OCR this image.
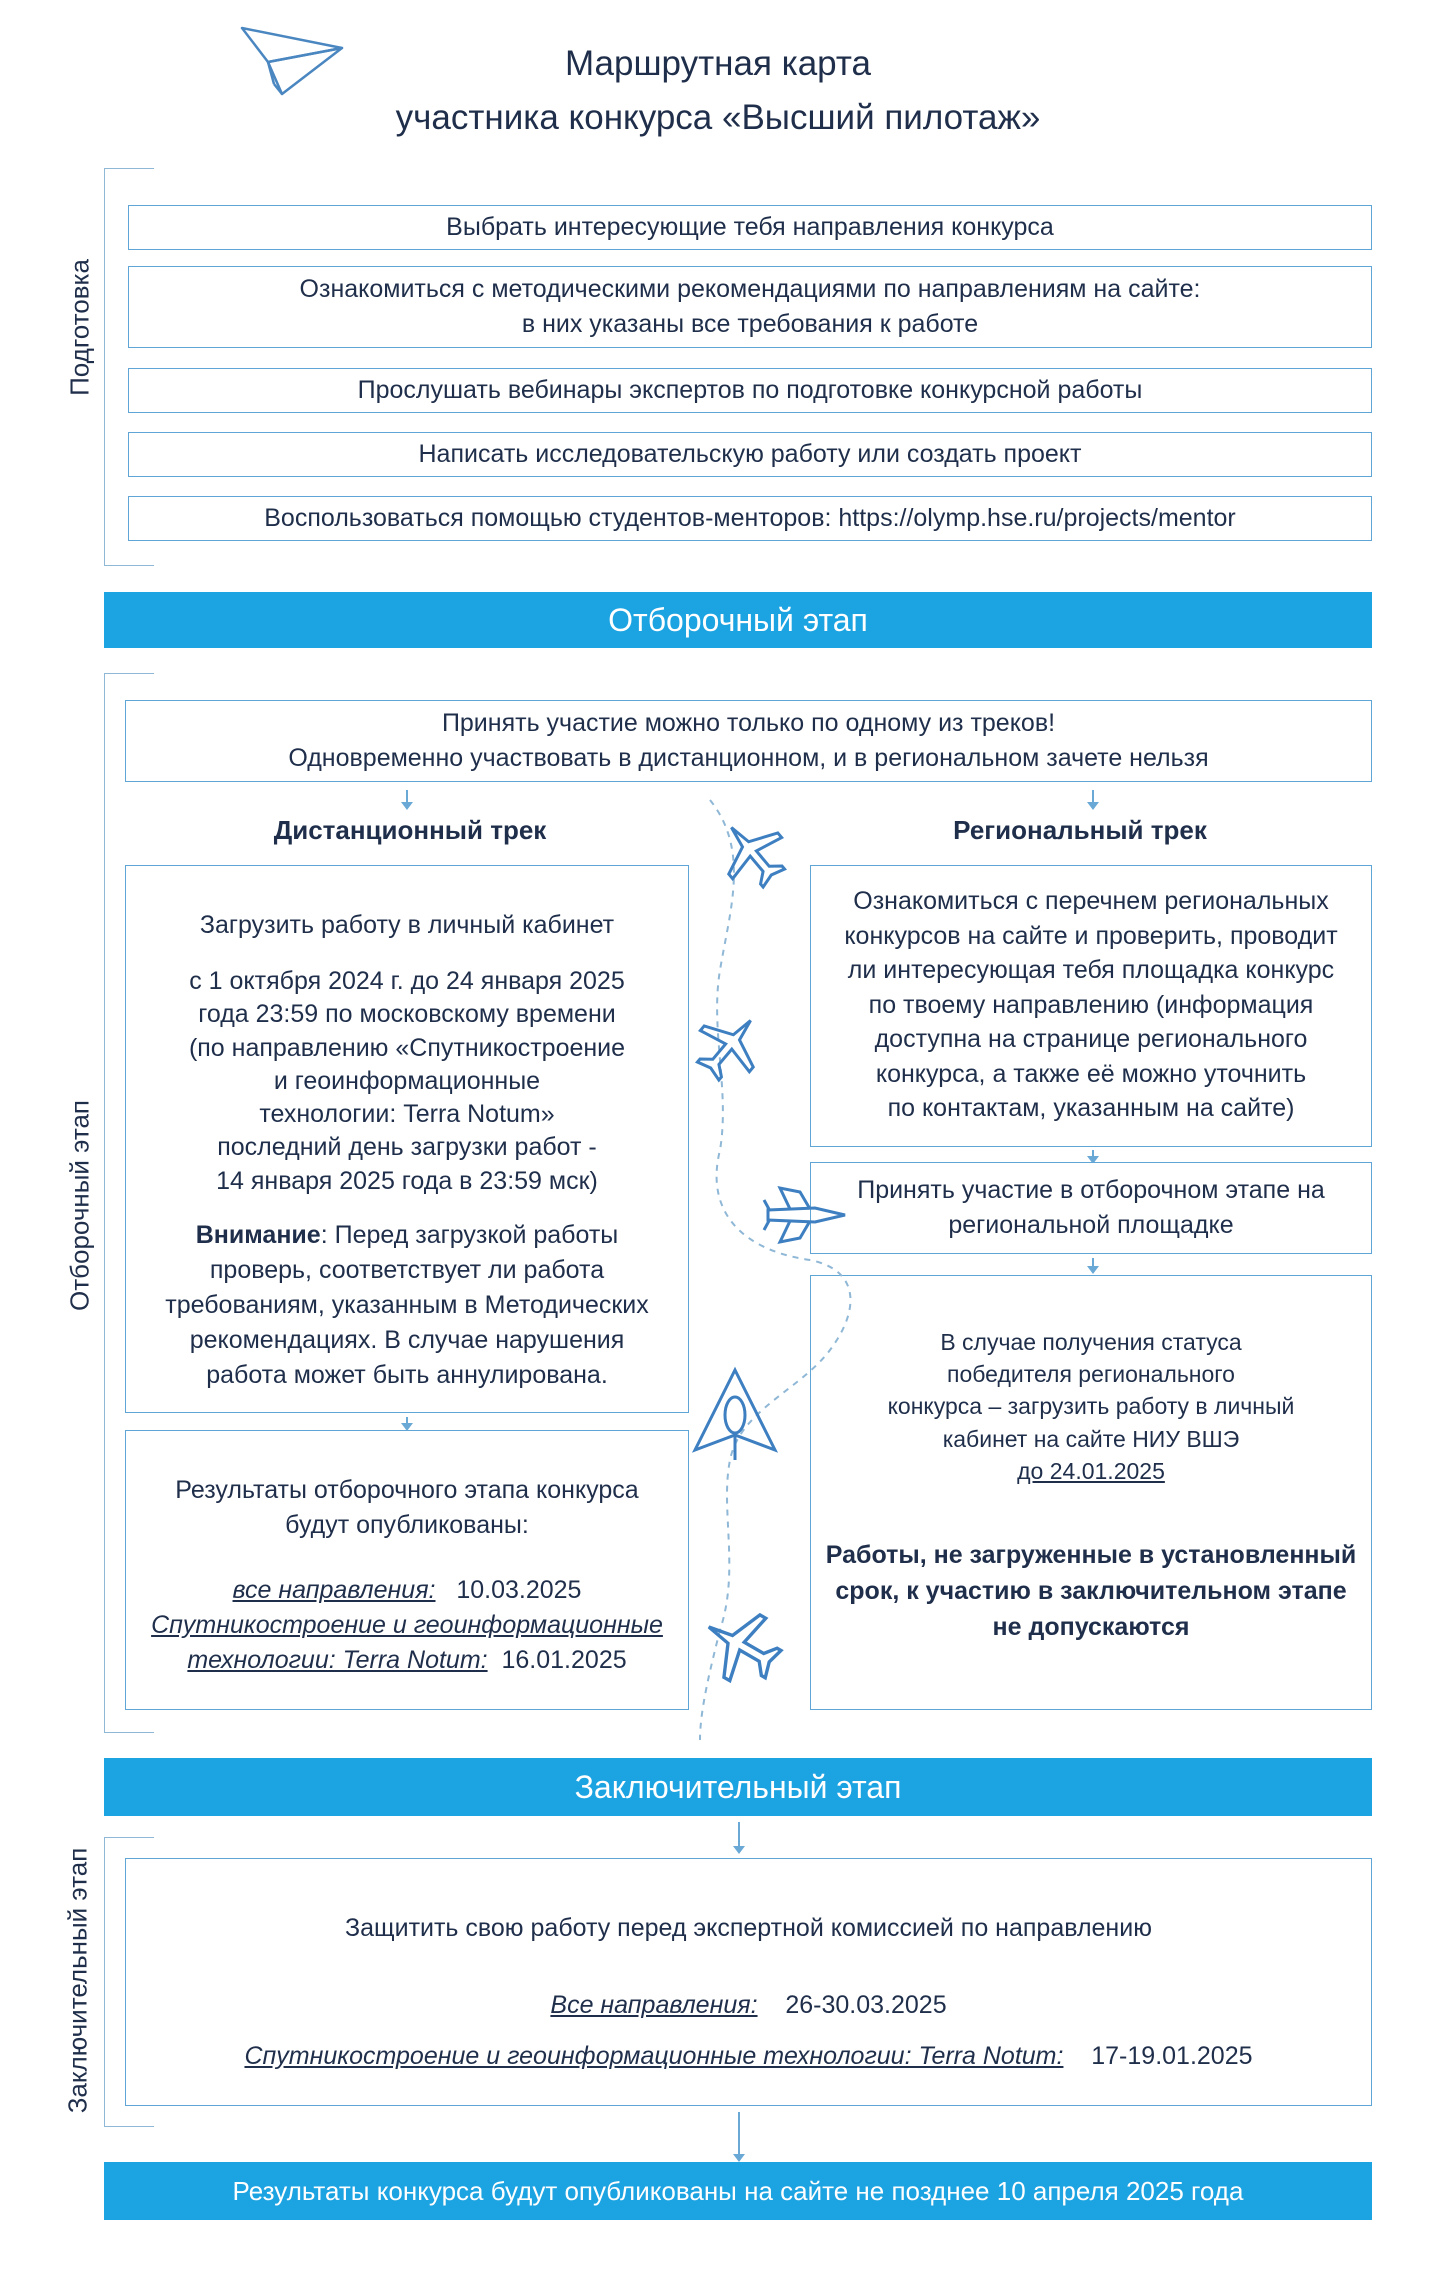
Маршрутная карта
участника конкурса «Высший пилотаж»
Подготовка
Выбрать интересующие тебя направления конкурса
Ознакомиться с методическими рекомендациями по направлениям на сайте:
в них указаны все требования к работе
Прослушать вебинары экспертов по подготовке конкурсной работы
Написать исследовательскую работу или создать проект
Воспользоваться помощью студентов-менторов: https://olymp.hse.ru/projects/mentor
Отборочный этап
Отборочный этап
Принять участие можно только по одному из треков!
Одновременно участвовать в дистанционном, и в региональном зачете нельзя
Дистанционный трек	Региональный трек
Загрузить работу в личный кабинет
с 1 октября 2024 г. до 24 января 2025
года 23:59 по московскому времени
(по направлению «Спутникостроение
и геоинформационные
технологии: Terra Notum»
последний день загрузки работ -
14 января 2025 года в 23:59 мск)
Внимание: Перед загрузкой работы
проверь, соответствует ли работа
требованиям, указанным в Методических
рекомендациях. В случае нарушения
работа может быть аннулирована.
Результаты отборочного этапа конкурса
будут опубликованы:
все направления: 10.03.2025
Спутникостроение и геоинформационные
технологии: Terra Notum: 16.01.2025
Ознакомиться с перечнем региональных
конкурсов на сайте и проверить, проводит
ли интересующая тебя площадка конкурс
по твоему направлению (информация
доступна на странице регионального
конкурса, а также её можно уточнить
по контактам, указанным на сайте)
Принять участие в отборочном этапе на
региональной площадке
В случае получения статуса
победителя регионального
конкурса – загрузить работу в личный
кабинет на сайте НИУ ВШЭ
до 24.01.2025
Работы, не загруженные в установленный
срок, к участию в заключительном этапе
не допускаются
Заключительный этап
Заключительный этап	Защитить свою работу перед экспертной комиссией по направлению
Все направления: 26-30.03.2025
Спутникостроение и геоинформационные технологии: Terra Notum: 17-19.01.2025
Результаты конкурса будут опубликованы на сайте не позднее 10 апреля 2025 года
